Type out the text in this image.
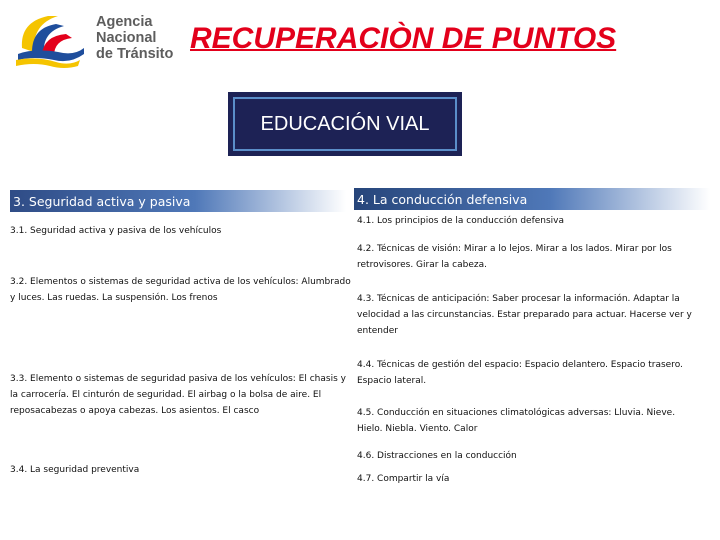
Agencia
Nacional
de Tránsito RECUPERACIÒN DE PUNTOS
EDUCACIÓN VIAL
3. Seguridad activa y pasiva	4. La conducción defensiva

3.1. Seguridad activa y pasiva de los vehículos

3.2. Elementos o sistemas de seguridad activa de los vehículos: Alumbrado y luces. Las ruedas. La suspensión. Los frenos

3.3. Elemento o sistemas de seguridad pasiva de los vehículos: El chasis y la carrocería. El cinturón de seguridad. El airbag o la bolsa de aire. El reposacabezas o apoya cabezas. Los asientos. El casco

3.4. La seguridad preventiva

4.1. Los principios de la conducción defensiva

4.2. Técnicas de visión: Mirar a lo lejos. Mirar a los lados. Mirar por los retrovisores. Girar la cabeza.

4.3. Técnicas de anticipación: Saber procesar la información. Adaptar la velocidad a las circunstancias. Estar preparado para actuar. Hacerse ver y entender

4.4. Técnicas de gestión del espacio: Espacio delantero. Espacio trasero. Espacio lateral.

4.5. Conducción en situaciones climatológicas adversas: Lluvia. Nieve. Hielo. Niebla. Viento. Calor

4.6. Distracciones en la conducción

4.7. Compartir la vía
